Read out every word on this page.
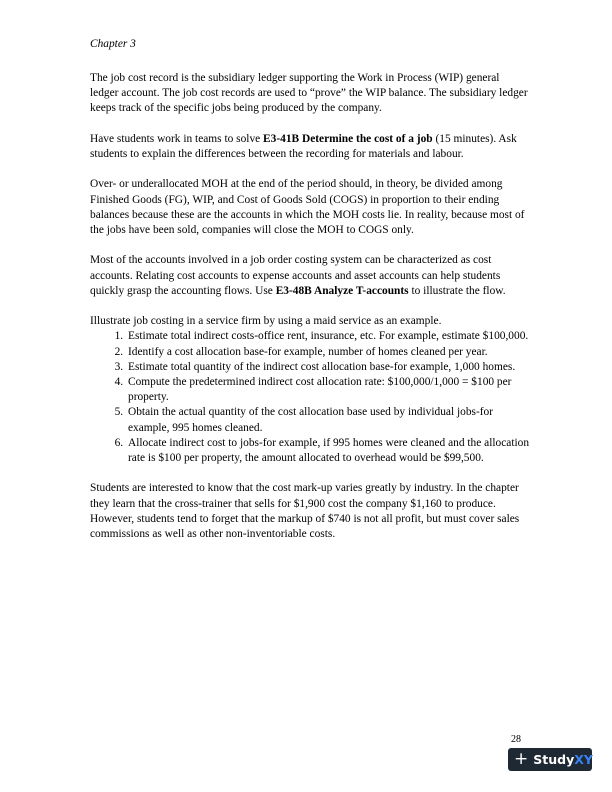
Chapter 3

The job cost record is the subsidiary ledger supporting the Work in Process (WIP) general ledger account. The job cost records are used to “prove” the WIP balance. The subsidiary ledger keeps track of the specific jobs being produced by the company.

Have students work in teams to solve E3-41B Determine the cost of a job (15 minutes). Ask students to explain the differences between the recording for materials and labour.

Over- or underallocated MOH at the end of the period should, in theory, be divided among Finished Goods (FG), WIP, and Cost of Goods Sold (COGS) in proportion to their ending balances because these are the accounts in which the MOH costs lie. In reality, because most of the jobs have been sold, companies will close the MOH to COGS only.

Most of the accounts involved in a job order costing system can be characterized as cost accounts. Relating cost accounts to expense accounts and asset accounts can help students quickly grasp the accounting flows. Use E3-48B Analyze T-accounts to illustrate the flow.

Illustrate job costing in a service firm by using a maid service as an example.

1. Estimate total indirect costs-office rent, insurance, etc. For example, estimate $100,000.
2. Identify a cost allocation base-for example, number of homes cleaned per year.
3. Estimate total quantity of the indirect cost allocation base-for example, 1,000 homes.
4. Compute the predetermined indirect cost allocation rate: $100,000/1,000 = $100 per property.
5. Obtain the actual quantity of the cost allocation base used by individual jobs-for example, 995 homes cleaned.
6. Allocate indirect cost to jobs-for example, if 995 homes were cleaned and the allocation rate is $100 per property, the amount allocated to overhead would be $99,500.

Students are interested to know that the cost mark-up varies greatly by industry. In the chapter they learn that the cross-trainer that sells for $1,900 cost the company $1,160 to produce. However, students tend to forget that the markup of $740 is not all profit, but must cover sales commissions as well as other non-inventoriable costs.

28
+ Study XY
